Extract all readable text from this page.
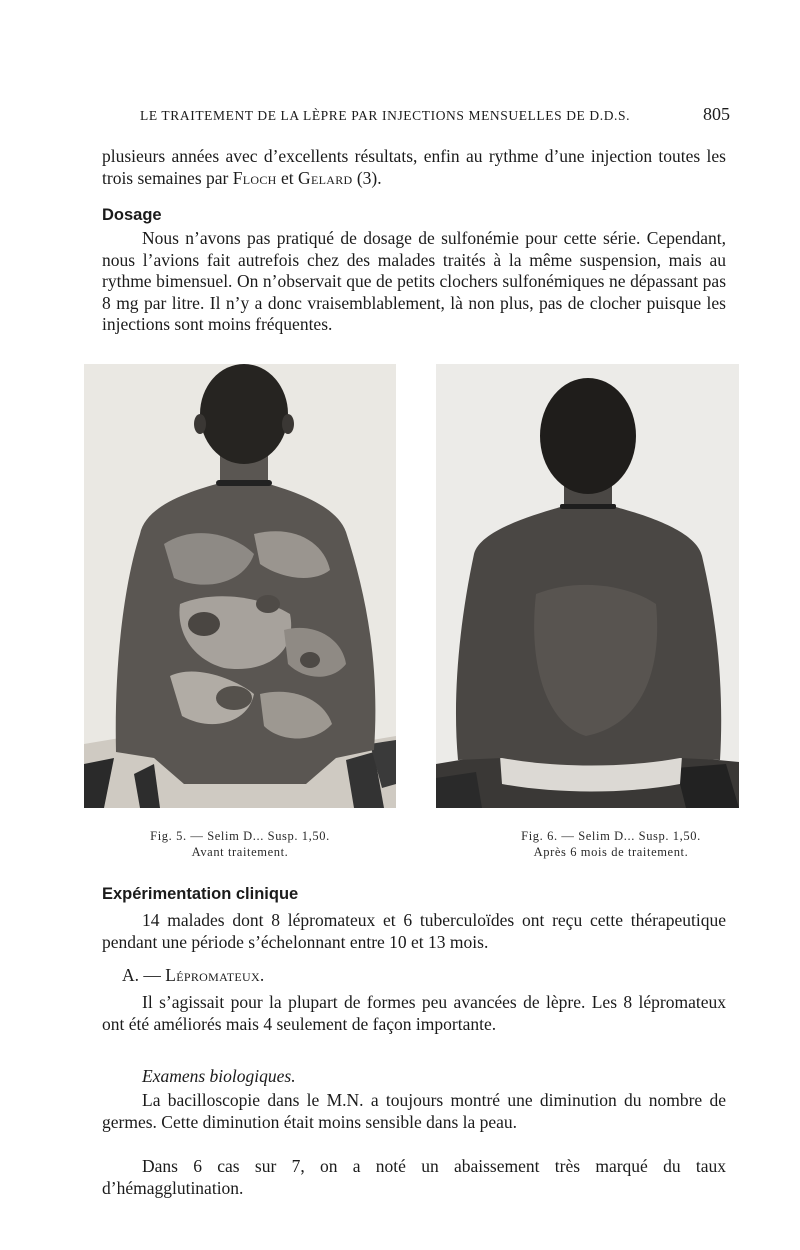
LE TRAITEMENT DE LA LÈPRE PAR INJECTIONS MENSUELLES DE D.D.S.	805
plusieurs années avec d’excellents résultats, enfin au rythme d’une injection toutes les trois semaines par Floch et Gelard (3).
Dosage
Nous n’avons pas pratiqué de dosage de sulfonémie pour cette série. Cependant, nous l’avions fait autrefois chez des malades traités à la même suspension, mais au rythme bimensuel. On n’observait que de petits clochers sulfonémiques ne dépassant pas 8 mg par litre. Il n’y a donc vraisemblablement, là non plus, pas de clocher puisque les injections sont moins fréquentes.
Fig. 5. — Selim D... Susp. 1,50.
Avant traitement.
Fig. 6. — Selim D... Susp. 1,50.
Après 6 mois de traitement.
Expérimentation clinique
14 malades dont 8 lépromateux et 6 tuberculoïdes ont reçu cette thérapeutique pendant une période s’échelonnant entre 10 et 13 mois.
A. — Lépromateux.
Il s’agissait pour la plupart de formes peu avancées de lèpre. Les 8 lépromateux ont été améliorés mais 4 seulement de façon importante.
Examens biologiques.
La bacilloscopie dans le M.N. a toujours montré une diminution du nombre de germes. Cette diminution était moins sensible dans la peau.
Dans 6 cas sur 7, on a noté un abaissement très marqué du taux d’hémagglutination.
